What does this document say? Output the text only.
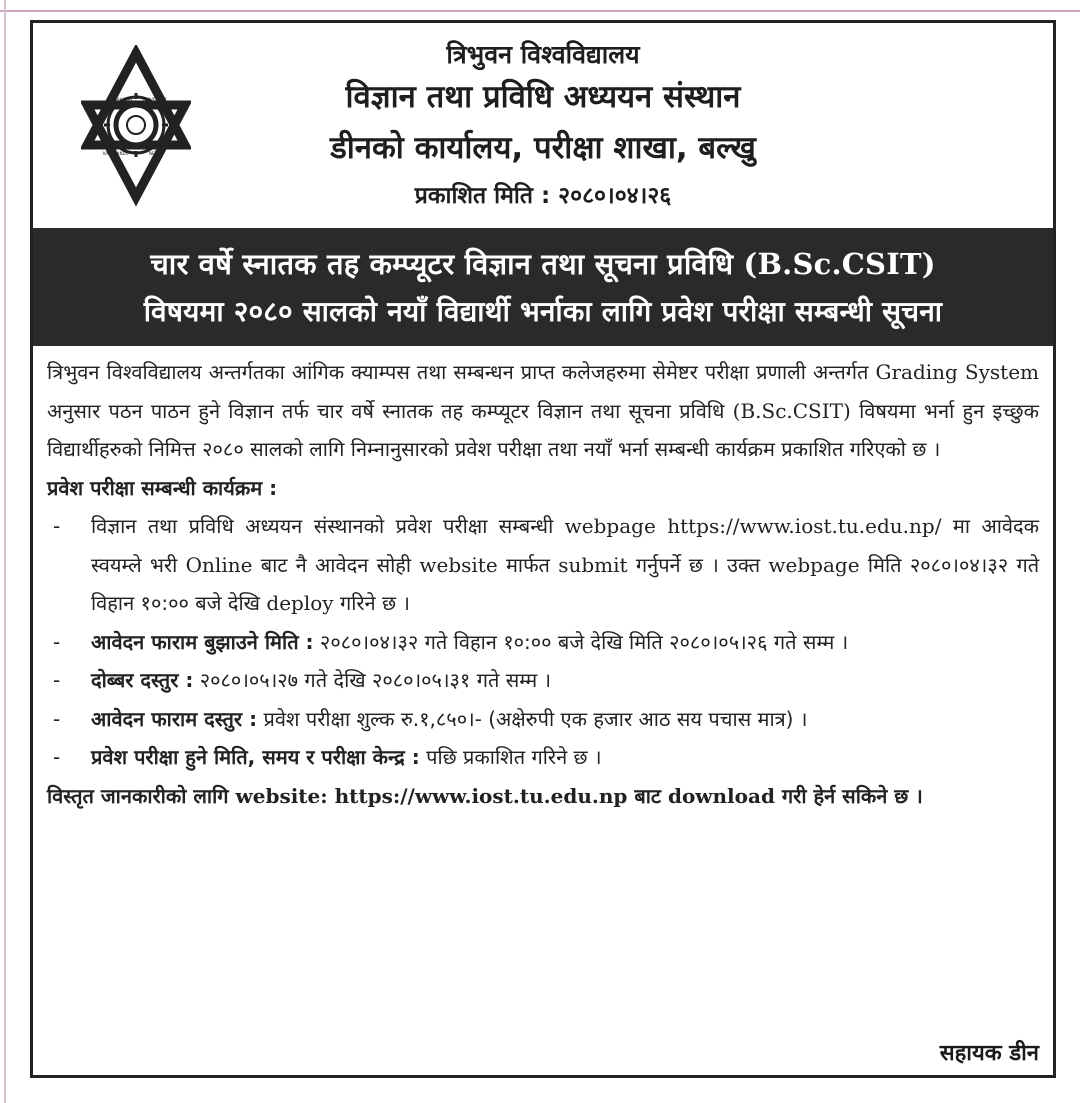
TRIBHUVAN	UNIVERSITY
KATHMANDU	NEPAL
त्रिभुवन विश्वविद्यालय
विज्ञान तथा प्रविधि अध्ययन संस्थान
डीनको कार्यालय, परीक्षा शाखा, बल्खु
प्रकाशित मिति : २०८०।०४।२६
चार वर्षे स्नातक तह कम्प्यूटर विज्ञान तथा सूचना प्रविधि (B.Sc.CSIT)
विषयमा २०८० सालको नयाँ विद्यार्थी भर्नाका लागि प्रवेश परीक्षा सम्बन्धी सूचना

त्रिभुवन विश्वविद्यालय अन्तर्गतका आंगिक क्याम्पस तथा सम्बन्धन प्राप्त कलेजहरुमा सेमेष्टर परीक्षा प्रणाली अन्तर्गत Grading System अनुसार पठन पाठन हुने विज्ञान तर्फ चार वर्षे स्नातक तह कम्प्यूटर विज्ञान तथा सूचना प्रविधि (B.Sc.CSIT) विषयमा भर्ना हुन इच्छुक विद्यार्थीहरुको निमित्त २०८० सालको लागि निम्नानुसारको प्रवेश परीक्षा तथा नयाँ भर्ना सम्बन्धी कार्यक्रम प्रकाशित गरिएको छ ।

प्रवेश परीक्षा सम्बन्धी कार्यक्रम :

- विज्ञान तथा प्रविधि अध्ययन संस्थानको प्रवेश परीक्षा सम्बन्धी webpage https://www.iost.tu.edu.np/ मा आवेदक स्वयम्ले भरी Online बाट नै आवेदन सोही website मार्फत submit गर्नुपर्ने छ । उक्त webpage मिति २०८०।०४।३२ गते विहान १०:०० बजे देखि deploy गरिने छ ।

- आवेदन फाराम बुझाउने मिति : २०८०।०४।३२ गते विहान १०:०० बजे देखि मिति २०८०।०५।२६ गते सम्म ।

- दोब्बर दस्तुर : २०८०।०५।२७ गते देखि २०८०।०५।३१ गते सम्म ।

- आवेदन फाराम दस्तुर : प्रवेश परीक्षा शुल्क रु.१,८५०।- (अक्षेरुपी एक हजार आठ सय पचास मात्र) ।

- प्रवेश परीक्षा हुने मिति, समय र परीक्षा केन्द्र : पछि प्रकाशित गरिने छ ।

विस्तृत जानकारीको लागि website: https://www.iost.tu.edu.np बाट download गरी हेर्न सकिने छ ।

सहायक डीन
